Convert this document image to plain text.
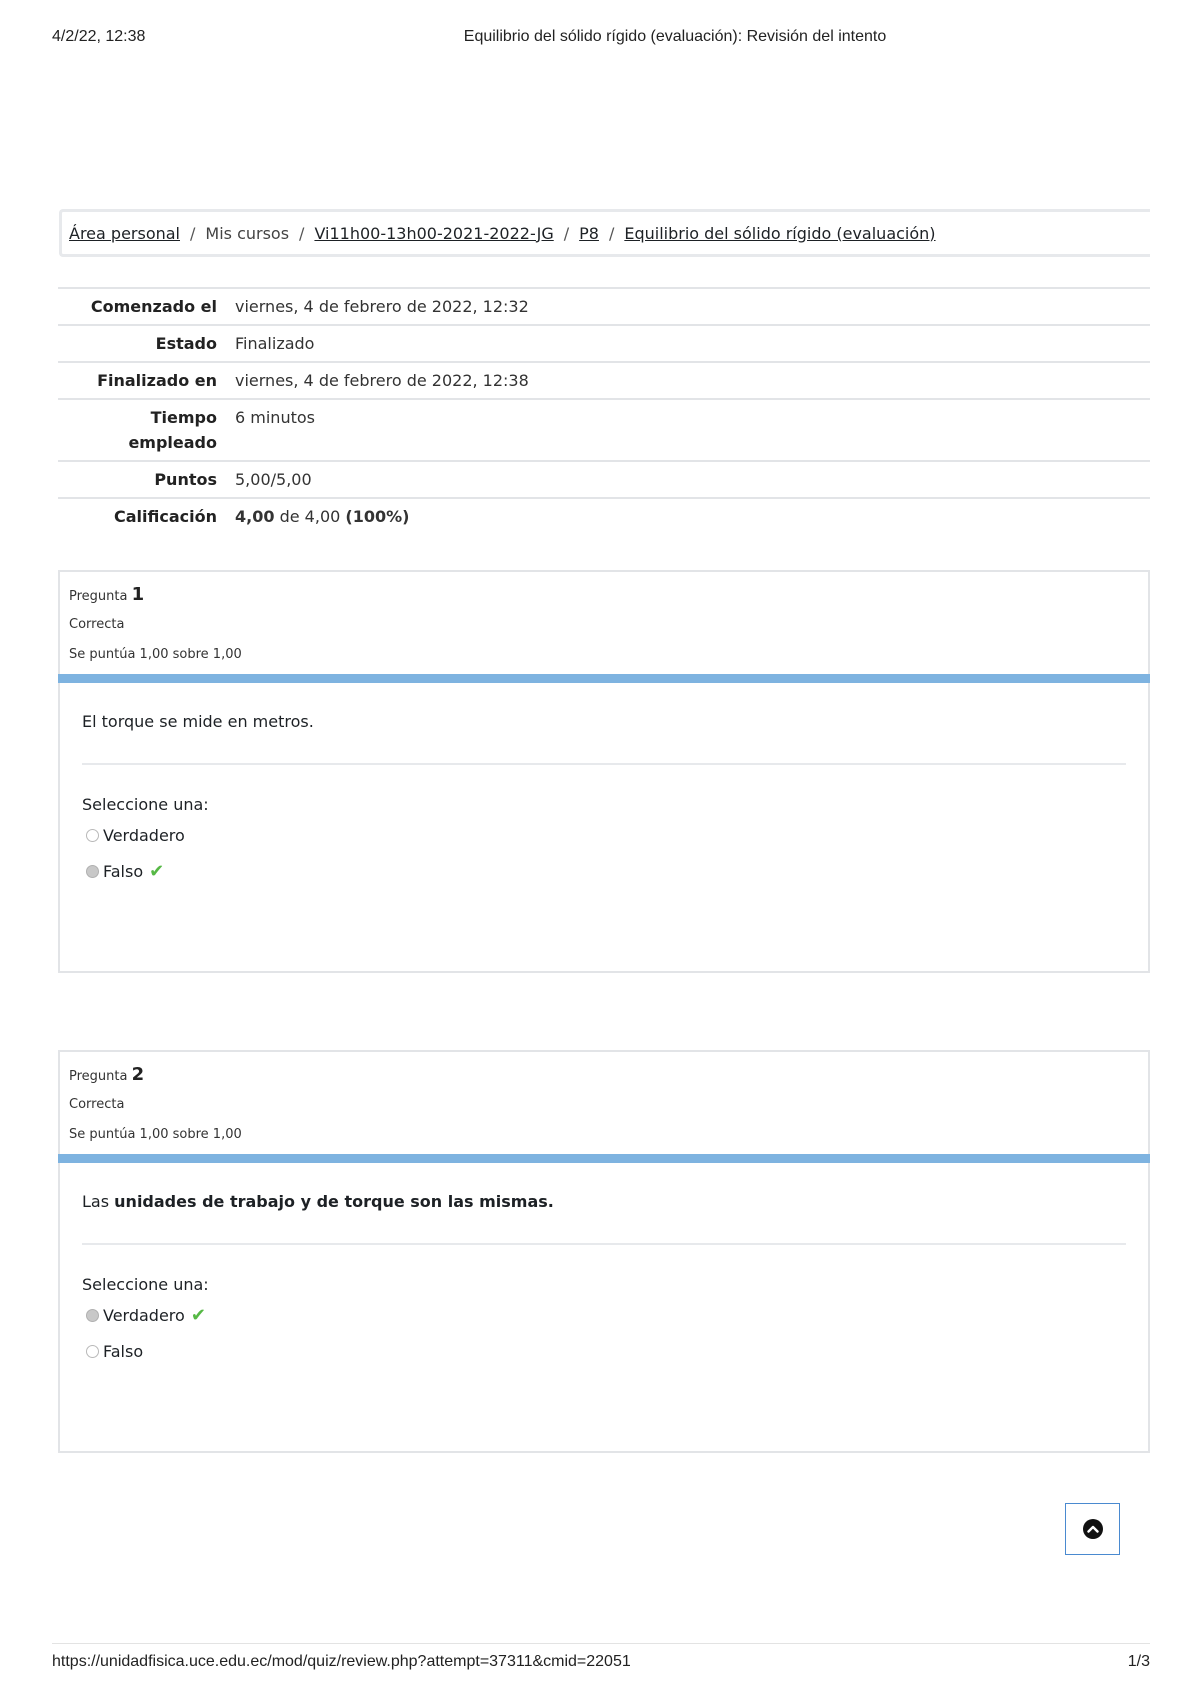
4/2/22, 12:38	Equilibrio del sólido rígido (evaluación): Revisión del intento
Área personal / Mis cursos / Vi11h00-13h00-2021-2022-JG / P8 / Equilibrio del sólido rígido (evaluación)
Comenzado el	viernes, 4 de febrero de 2022, 12:32
Estado	Finalizado
Finalizado en	viernes, 4 de febrero de 2022, 12:38
Tiempo
empleado	6 minutos
Puntos	5,00/5,00
Calificación	4,00 de 4,00 (100%)
Pregunta 1
Correcta
Se puntúa 1,00 sobre 1,00
El torque se mide en metros.
Seleccione una:
Verdadero
Falso ✔
Pregunta 2
Correcta
Se puntúa 1,00 sobre 1,00
Las unidades de trabajo y de torque son las mismas.
Seleccione una:
Verdadero ✔
Falso
https://unidadfisica.uce.edu.ec/mod/quiz/review.php?attempt=37311&cmid=22051	1/3
